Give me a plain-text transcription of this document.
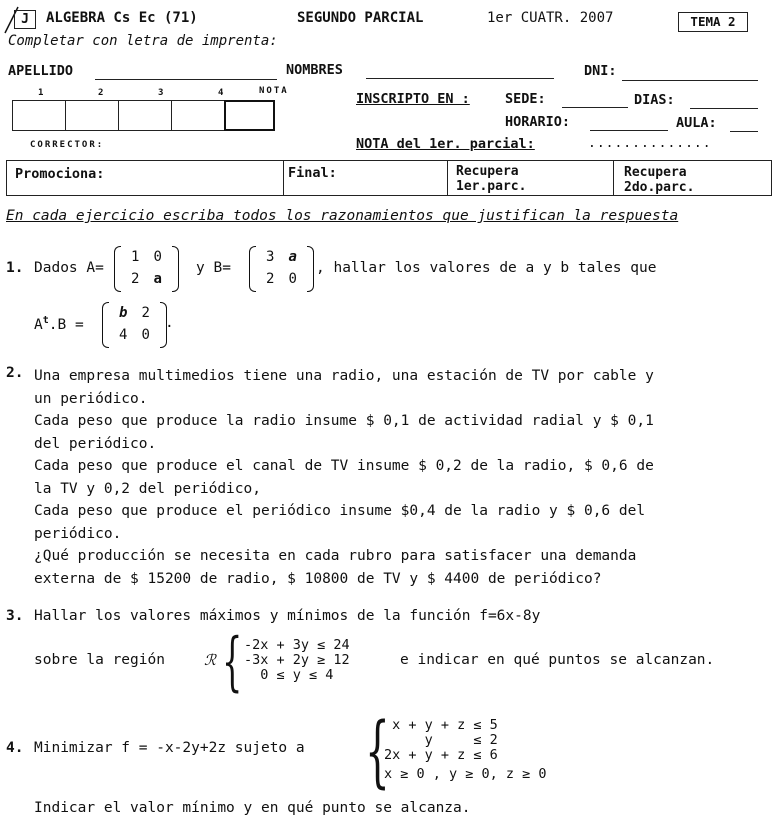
J	ALGEBRA Cs Ec (71)	SEGUNDO PARCIAL	1er CUATR. 2007	TEMA 2
Completar con letra de imprenta:
APELLIDO	NOMBRES	DNI:
1	2	3	4	NOTA	INSCRIPTO EN :	SEDE:	DIAS:
HORARIO:	AULA:
CORRECTOR:	NOTA del 1er. parcial:	..............
Promociona:	Final:	Recupera
1er.parc.
Recupera
2do.parc.
En cada ejercicio escriba todos los razonamientos que justifican la respuesta
1. Dados A=
1	0
2	a
y B=
3	a
2	0
, hallar los valores de a y b tales que
$A^t.B$ =
b	2
4	0
.
2. Una empresa multimedios tiene una radio, una estación de TV por cable y
un periódico.
Cada peso que produce la radio insume $ 0,1 de actividad radial y $ 0,1
del periódico.
Cada peso que produce el canal de TV insume $ 0,2 de la radio, $ 0,6 de
la TV y 0,2 del periódico,
Cada peso que produce el periódico insume $0,4 de la radio y $ 0,6 del
periódico.
¿Qué producción se necesita en cada rubro para satisfacer una demanda
externa de $ 15200 de radio, $ 10800 de TV y $ 4400 de periódico?
3. Hallar los valores máximos y mínimos de la función f=6x-8y
sobre la región	ℛ { -2x + 3y ≤ 24
-3x + 2y ≥ 12
0 ≤ y ≤ 4
e indicar en qué puntos se alcanzan.
4. Minimizar f = -x-2y+2z sujeto a {
x + y + z ≤ 5
y     ≤ 2
2x + y + z ≤ 6
x ≥ 0 , y ≥ 0, z ≥ 0
Indicar el valor mínimo y en qué punto se alcanza.
